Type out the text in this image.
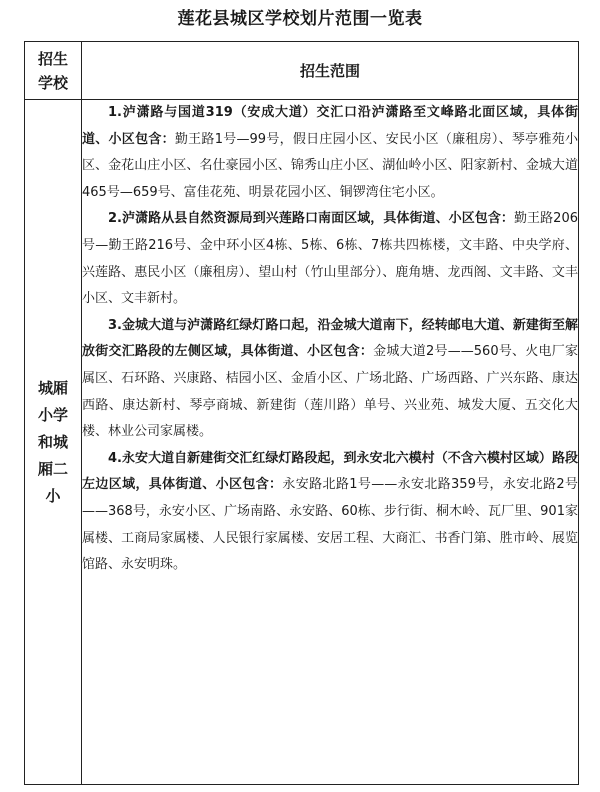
莲花县城区学校划片范围一览表
招生学校	招生范围

城厢小学和城厢二小	1.泸潇路与国道319（安成大道）交汇口沿泸潇路至文峰路北面区域，具体街道、小区包含：勤王路1号—99号，假日庄园小区、安民小区（廉租房）、琴亭雅苑小区、金花山庄小区、名仕豪园小区、锦秀山庄小区、湖仙岭小区、阳家新村、金城大道465号—659号、富佳花苑、明景花园小区、铜锣湾住宅小区。

2.泸潇路从县自然资源局到兴莲路口南面区域，具体街道、小区包含：勤王路206号—勤王路216号、金中环小区4栋、5栋、6栋、7栋共四栋楼，文丰路、中央学府、兴莲路、惠民小区（廉租房）、望山村（竹山里部分）、鹿角塘、龙西阁、文丰路、文丰小区、文丰新村。

3.金城大道与泸潇路红绿灯路口起，沿金城大道南下，经转邮电大道、新建街至解放街交汇路段的左侧区域，具体街道、小区包含：金城大道2号——560号、火电厂家属区、石环路、兴康路、桔园小区、金盾小区、广场北路、广场西路、广兴东路、康达西路、康达新村、琴亭商城、新建街（莲川路）单号、兴业苑、城发大厦、五交化大楼、林业公司家属楼。

4.永安大道自新建街交汇红绿灯路段起，到永安北六模村（不含六模村区域）路段左边区域，具体街道、小区包含：永安路北路1号——永安北路359号，永安北路2号——368号，永安小区、广场南路、永安路、60栋、步行街、桐木岭、瓦厂里、901家属楼、工商局家属楼、人民银行家属楼、安居工程、大商汇、书香门第、胜市岭、展览馆路、永安明珠。
